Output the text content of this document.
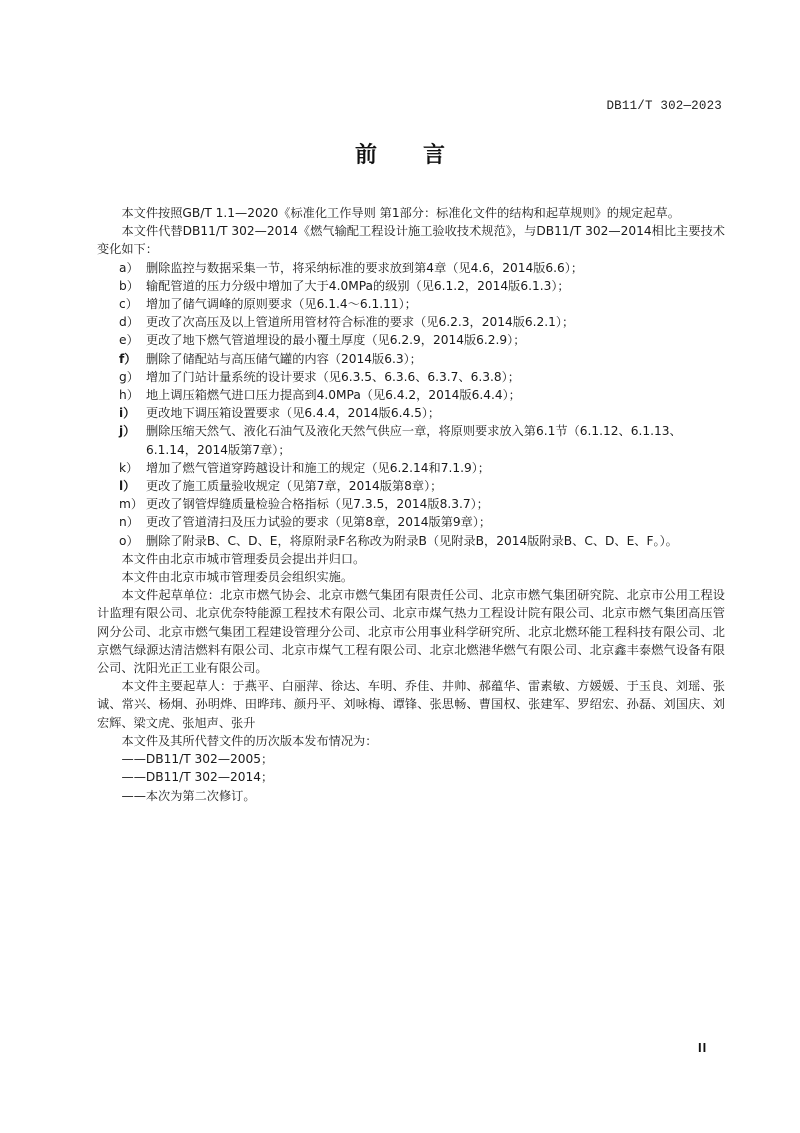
DB11/T 302—2023
前 言

本文件按照GB/T 1.1—2020《标准化工作导则 第1部分：标准化文件的结构和起草规则》的规定起草。

本文件代替DB11/T 302—2014《燃气输配工程设计施工验收技术规范》，与DB11/T 302—2014相比主要技术变化如下：

a） 删除监控与数据采集一节，将采纳标准的要求放到第4章（见4.6，2014版6.6）；

b） 输配管道的压力分级中增加了大于4.0MPa的级别（见6.1.2，2014版6.1.3）；

c） 增加了储气调峰的原则要求（见6.1.4～6.1.11）；

d） 更改了次高压及以上管道所用管材符合标准的要求（见6.2.3，2014版6.2.1）；

e） 更改了地下燃气管道埋设的最小覆土厚度（见6.2.9，2014版6.2.9）；

f） 删除了储配站与高压储气罐的内容（2014版6.3）；

g） 增加了门站计量系统的设计要求（见6.3.5、6.3.6、6.3.7、6.3.8）；

h） 地上调压箱燃气进口压力提高到4.0MPa（见6.4.2，2014版6.4.4）；

i） 更改地下调压箱设置要求（见6.4.4，2014版6.4.5）；

j） 删除压缩天然气、液化石油气及液化天然气供应一章，将原则要求放入第6.1节（6.1.12、6.1.13、6.1.14，2014版第7章）；

k） 增加了燃气管道穿跨越设计和施工的规定（见6.2.14和7.1.9）；

l） 更改了施工质量验收规定（见第7章，2014版第8章）；

m） 更改了钢管焊缝质量检验合格指标（见7.3.5，2014版8.3.7）；

n） 更改了管道清扫及压力试验的要求（见第8章，2014版第9章）；

o） 删除了附录B、C、D、E，将原附录F名称改为附录B（见附录B，2014版附录B、C、D、E、F。）。

本文件由北京市城市管理委员会提出并归口。

本文件由北京市城市管理委员会组织实施。

本文件起草单位：北京市燃气协会、北京市燃气集团有限责任公司、北京市燃气集团研究院、北京市公用工程设计监理有限公司、北京优奈特能源工程技术有限公司、北京市煤气热力工程设计院有限公司、北京市燃气集团高压管网分公司、北京市燃气集团工程建设管理分公司、北京市公用事业科学研究所、北京北燃环能工程科技有限公司、北京燃气绿源达清洁燃料有限公司、北京市煤气工程有限公司、北京北燃港华燃气有限公司、北京鑫丰泰燃气设备有限公司、沈阳光正工业有限公司。

本文件主要起草人：于燕平、白丽萍、徐达、车明、乔佳、井帅、郝蕴华、雷素敏、方媛媛、于玉良、刘瑶、张诚、常兴、杨炯、孙明烨、田晔玮、颜丹平、刘咏梅、谭锋、张思畅、曹国权、张建军、罗绍宏、孙磊、刘国庆、刘宏辉、梁文虎、张旭声、张升

本文件及其所代替文件的历次版本发布情况为：

——DB11/T 302—2005；

——DB11/T 302—2014；

——本次为第二次修订。

II
